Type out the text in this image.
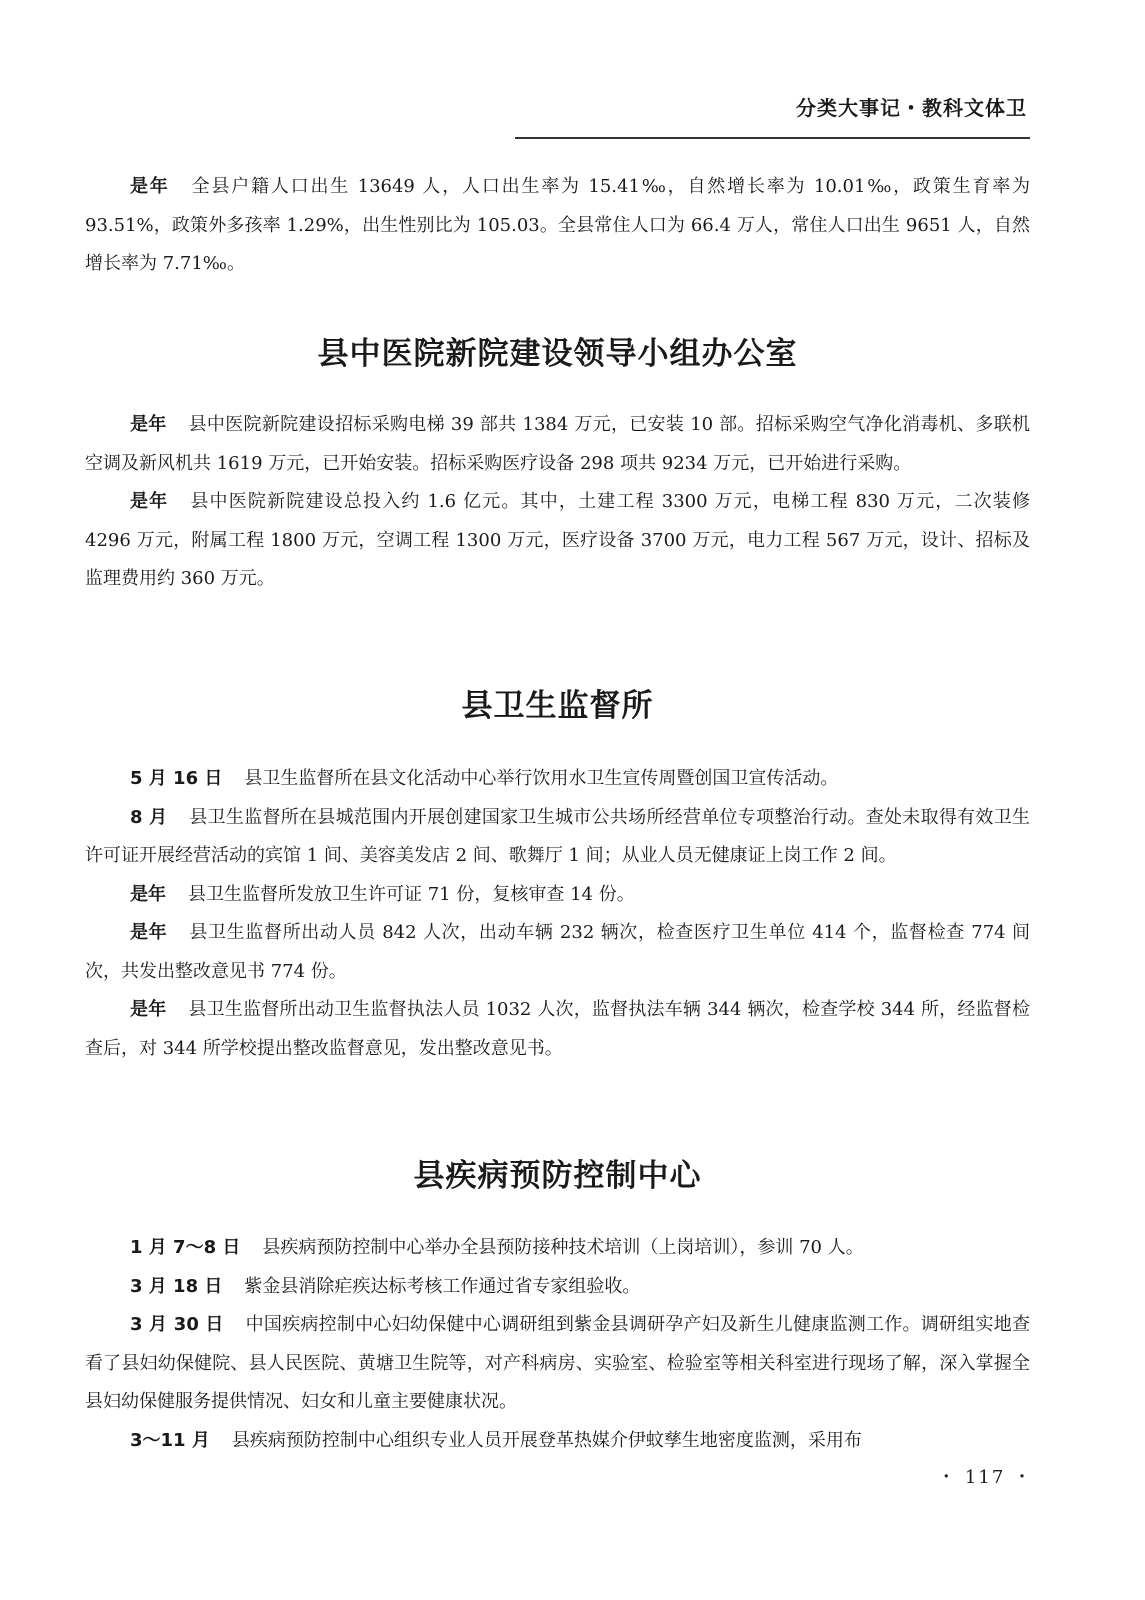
分类大事记・教科文体卫

是年 全县户籍人口出生 13649 人，人口出生率为 15.41‰，自然增长率为 10.01‰，政策生育率为 93.51%，政策外多孩率 1.29%，出生性别比为 105.03。全县常住人口为 66.4 万人，常住人口出生 9651 人，自然增长率为 7.71‰。

县中医院新院建设领导小组办公室

是年 县中医院新院建设招标采购电梯 39 部共 1384 万元，已安装 10 部。招标采购空气净化消毒机、多联机空调及新风机共 1619 万元，已开始安装。招标采购医疗设备 298 项共 9234 万元，已开始进行采购。

是年 县中医院新院建设总投入约 1.6 亿元。其中，土建工程 3300 万元，电梯工程 830 万元，二次装修 4296 万元，附属工程 1800 万元，空调工程 1300 万元，医疗设备 3700 万元，电力工程 567 万元，设计、招标及监理费用约 360 万元。

县卫生监督所

5 月 16 日 县卫生监督所在县文化活动中心举行饮用水卫生宣传周暨创国卫宣传活动。

8 月 县卫生监督所在县城范围内开展创建国家卫生城市公共场所经营单位专项整治行动。查处未取得有效卫生许可证开展经营活动的宾馆 1 间、美容美发店 2 间、歌舞厅 1 间；从业人员无健康证上岗工作 2 间。

是年 县卫生监督所发放卫生许可证 71 份，复核审查 14 份。

是年 县卫生监督所出动人员 842 人次，出动车辆 232 辆次，检查医疗卫生单位 414 个，监督检查 774 间次，共发出整改意见书 774 份。

是年 县卫生监督所出动卫生监督执法人员 1032 人次，监督执法车辆 344 辆次，检查学校 344 所，经监督检查后，对 344 所学校提出整改监督意见，发出整改意见书。

县疾病预防控制中心

1 月 7～8 日 县疾病预防控制中心举办全县预防接种技术培训（上岗培训），参训 70 人。

3 月 18 日 紫金县消除疟疾达标考核工作通过省专家组验收。

3 月 30 日 中国疾病控制中心妇幼保健中心调研组到紫金县调研孕产妇及新生儿健康监测工作。调研组实地查看了县妇幼保健院、县人民医院、黄塘卫生院等，对产科病房、实验室、检验室等相关科室进行现场了解，深入掌握全县妇幼保健服务提供情况、妇女和儿童主要健康状况。

3～11 月 县疾病预防控制中心组织专业人员开展登革热媒介伊蚊孳生地密度监测，采用布

・ 117 ・
